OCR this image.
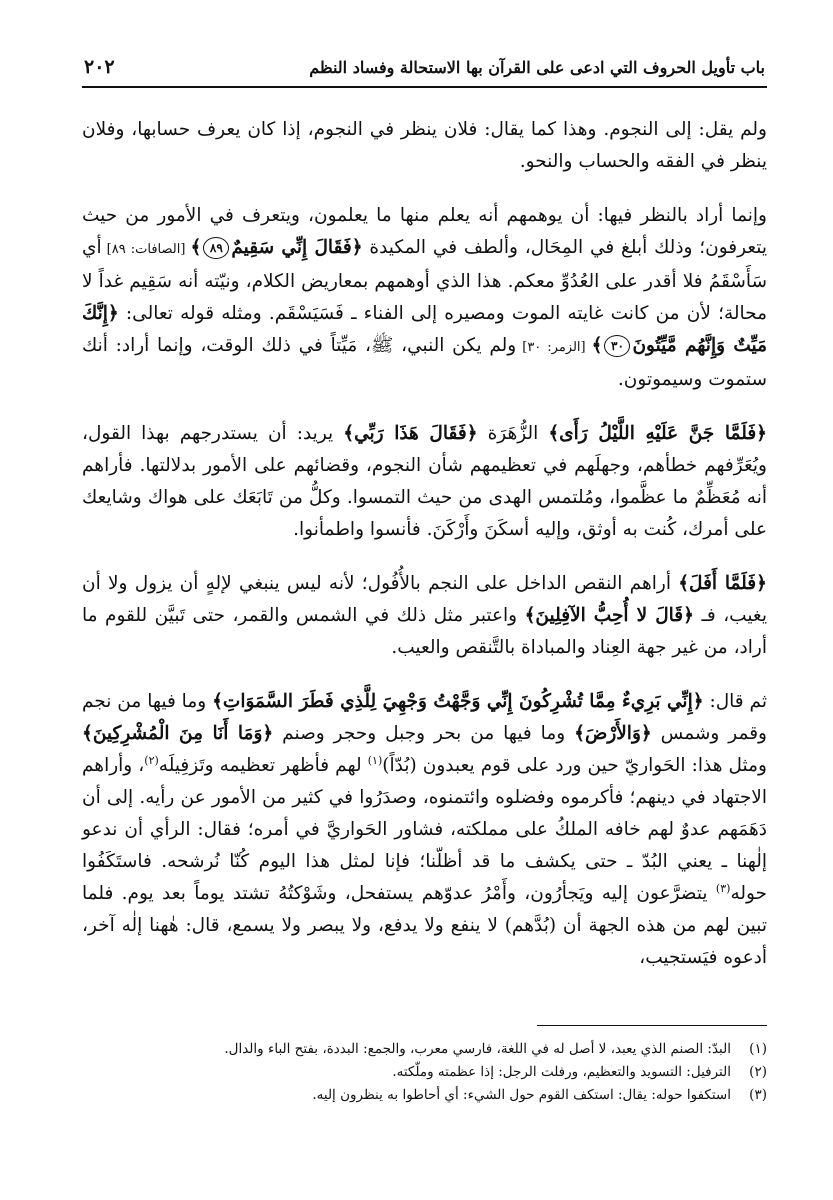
باب تأويل الحروف التي ادعى على القرآن بها الاستحالة وفساد النظم
٢٠٢

ولم يقل: إلى النجوم. وهذا كما يقال: فلان ينظر في النجوم، إذا كان يعرف حسابها، وفلان ينظر في الفقه والحساب والنحو.

وإنما أراد بالنظر فيها: أن يوهمهم أنه يعلم منها ما يعلمون، ويتعرف في الأمور من حيث يتعرفون؛ وذلك أبلغ في المِحَال، وألطف في المكيدة ﴿فَقَالَ إِنِّي سَقِيمٌ٨٩﴾ [الصافات: ٨٩] أي سَأَسْقَمُ فلا أقدر على العُدُوِّ معكم. هذا الذي أوهمهم بمعاريض الكلام، ونيّته أنه سَقِيم غداً لا محالة؛ لأن من كانت غايته الموت ومصيره إلى الفناء ـ فَسَيَسْقَم. ومثله قوله تعالى: ﴿إِنَّكَ مَيِّتٌ وَإِنَّهُم مَّيِّتُونَ٣٠﴾ [الزمر: ٣٠] ولم يكن النبي، ﷺ، مَيِّتاً في ذلك الوقت، وإنما أراد: أنك ستموت وسيموتون.

﴿فَلَمَّا جَنَّ عَلَيْهِ اللَّيْلُ رَأَى﴾ الزُّهَرَة ﴿فَقَالَ هَذَا رَبِّي﴾ يريد: أن يستدرجهم بهذا القول، ويُعَرِّفهم خطأهم، وجهلَهم في تعظيمهم شأن النجوم، وقضائهم على الأمور بدلالتها. فأراهم أنه مُعَظِّمٌ ما عظَّموا، ومُلتمس الهدى من حيث التمسوا. وكلُّ من تَابَعَك على هواك وشايعك على أمرك، كُنت به أوثق، وإليه أسكَنَ وأَرْكَنَ. فأنسوا واطمأنوا.

﴿فَلَمَّا أَفَلَ﴾ أراهم النقص الداخل على النجم بالأُفُول؛ لأنه ليس ينبغي لإلهٍ أن يزول ولا أن يغيب، فـ ﴿قَالَ لا أُحِبُّ الآفِلِينَ﴾ واعتبر مثل ذلك في الشمس والقمر، حتى تَبيَّن للقوم ما أراد، من غير جهة العِناد والمباداة بالتَّنقص والعيب.

ثم قال: ﴿إِنِّي بَرِيءٌ مِمَّا تُشْرِكُونَ إِنِّي وَجَّهْتُ وَجْهِيَ لِلَّذِي فَطَرَ السَّمَوَاتِ﴾ وما فيها من نجم وقمر وشمس ﴿وَالأَرْضَ﴾ وما فيها من بحر وجبل وحجر وصنم ﴿وَمَا أَنَا مِنَ الْمُشْرِكِينَ﴾ ومثل هذا: الحَواريّ حين ورد على قوم يعبدون (بُدّاً)$^{(١)}$ لهم فأظهر تعظيمه وتَزفِيلَه$^{(٢)}$، وأراهم الاجتهاد في دينهم؛ فأكرموه وفضلوه وائتمنوه، وصدَرُوا في كثير من الأمور عن رأيه. إلى أن دَهَمَهم عدوٌ لهم خافه الملكُ على مملكته، فشاور الحَواريَّ في أمره؛ فقال: الرأي أن ندعو إلٰهنا ـ يعني البُدّ ـ حتى يكشف ما قد أظلّنا؛ فإنا لمثل هذا اليوم كُنّا نُرشحه. فاستَكَفُوا حوله$^{(٣)}$ يتضرَّعون إليه ويَجأرُون، وأَمْرُ عدوّهم يستفحل، وشَوْكتُهُ تشتد يوماً بعد يوم. فلما تبين لهم من هذه الجهة أن (بُدَّهم) لا ينفع ولا يدفع، ولا يبصر ولا يسمع، قال: هٰهنا إلٰه آخر، أدعوه فيَستجيب،

(١)
البدّ: الصنم الذي يعبد، لا أصل له في اللغة، فارسي معرب، والجمع: البددة، بفتح الباء والدال.
(٢)
الترفيل: التسويد والتعظيم، ورفلت الرجل: إذا عظمته وملّكته.
(٣)
استكفوا حوله: يقال: استكف القوم حول الشيء: أي أحاطوا به ينظرون إليه.
